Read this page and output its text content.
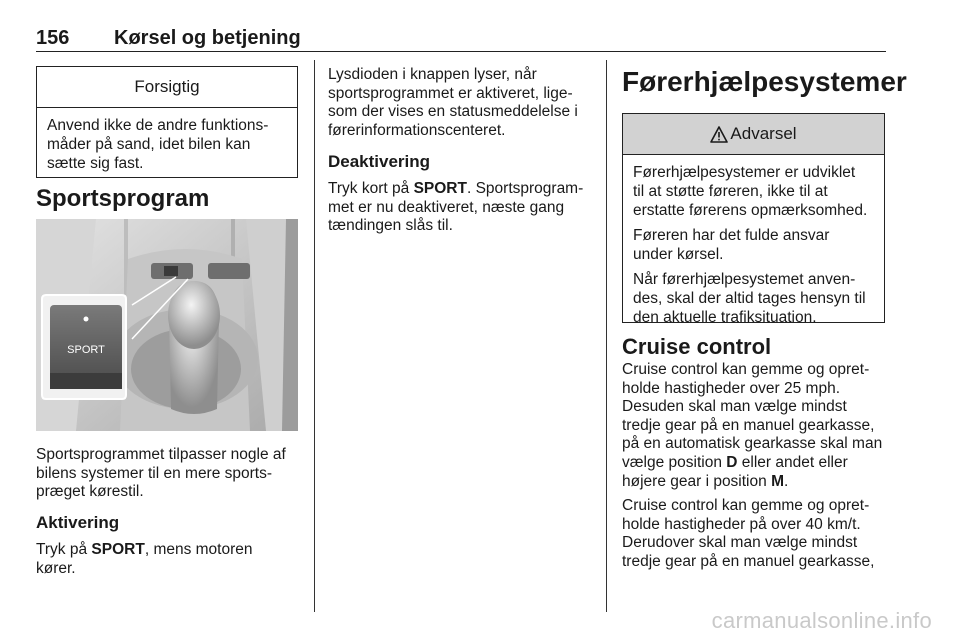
156 Kørsel og betjening
Forsigtig
Anvend ikke de andre funktions-
måder på sand, idet bilen kan
sætte sig fast.
Sportsprogram
SPORT
Sportsprogrammet tilpasser nogle af
bilens systemer til en mere sports-
præget kørestil.
Aktivering
Tryk på SPORT, mens motoren
kører.
Lysdioden i knappen lyser, når
sportsprogrammet er aktiveret, lige-
som der vises en statusmeddelelse i
førerinformationscenteret.
Deaktivering
Tryk kort på SPORT. Sportsprogram-
met er nu deaktiveret, næste gang
tændingen slås til.
Førerhjælpesystemer
Advarsel

Førerhjælpesystemer er udviklet
til at støtte føreren, ikke til at
erstatte førerens opmærksomhed.

Føreren har det fulde ansvar
under kørsel.

Når førerhjælpesystemet anven-
des, skal der altid tages hensyn til
den aktuelle trafiksituation.

Cruise control

Cruise control kan gemme og opret-
holde hastigheder over 25 mph.
Desuden skal man vælge mindst
tredje gear på en manuel gearkasse,
på en automatisk gearkasse skal man
vælge position D eller andet eller
højere gear i position M.

Cruise control kan gemme og opret-
holde hastigheder på over 40 km/t.
Derudover skal man vælge mindst
tredje gear på en manuel gearkasse,

carmanualsonline.info
